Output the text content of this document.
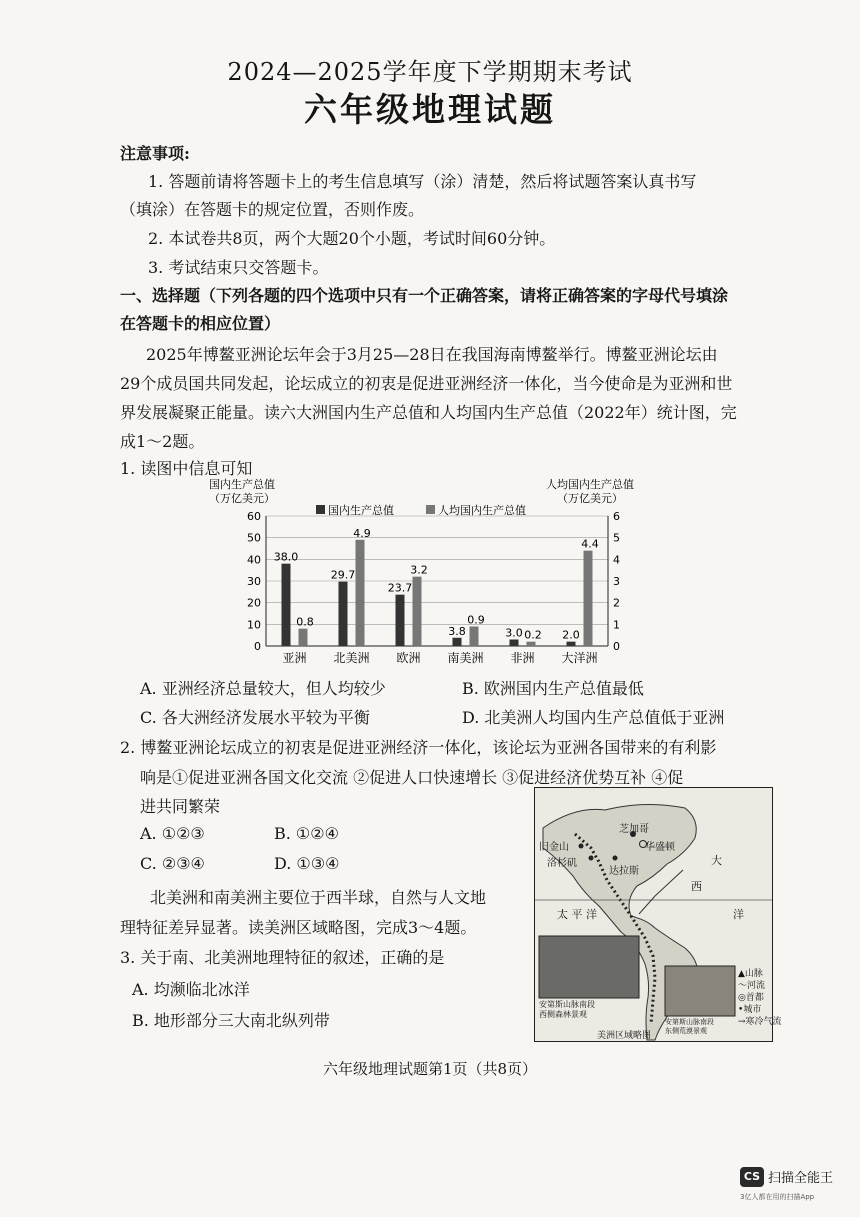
2024—2025学年度下学期期末考试
六年级地理试题
注意事项:
1. 答题前请将答题卡上的考生信息填写（涂）清楚，然后将试题答案认真书写
（填涂）在答题卡的规定位置，否则作废。
2. 本试卷共8页，两个大题20个小题，考试时间60分钟。
3. 考试结束只交答题卡。
一、选择题（下列各题的四个选项中只有一个正确答案，请将正确答案的字母代号填涂
在答题卡的相应位置）
2025年博鳌亚洲论坛年会于3月25—28日在我国海南博鳌举行。博鳌亚洲论坛由
29个成员国共同发起，论坛成立的初衷是促进亚洲经济一体化，当今使命是为亚洲和世
界发展凝聚正能量。读六大洲国内生产总值和人均国内生产总值（2022年）统计图，完
成1～2题。
1. 读图中信息可知
国内生产总值
（万亿美元）
人均国内生产总值
（万亿美元）
国内生产总值	人均国内生产总值
0
10
20
30
40
50
60
0
1
2
3
4
5
6
38.0
0.8
亚洲
29.7
4.9
北美洲
23.7
3.2
欧洲
3.8
0.9
南美洲
3.0 0.2
非洲
2.0
4.4
大洋洲
A. 亚洲经济总量较大，但人均较少	B. 欧洲国内生产总值最低
C. 各大洲经济发展水平较为平衡	D. 北美洲人均国内生产总值低于亚洲
2. 博鳌亚洲论坛成立的初衷是促进亚洲经济一体化，该论坛为亚洲各国带来的有利影
响是①促进亚洲各国文化交流 ②促进人口快速增长 ③促进经济优势互补 ④促
进共同繁荣
A. ①②③	B. ①②④
C. ②③④	D. ①③④
北美洲和南美洲主要位于西半球，自然与人文地
理特征差异显著。读美洲区域略图，完成3～4题。
3. 关于南、北美洲地理特征的叙述，正确的是
A. 均濒临北冰洋
B. 地形部分三大南北纵列带
芝加哥
华盛顿
旧金山
洛杉矶
达拉斯
大
西
洋
太 平 洋
安第斯山脉南段
西侧森林景观
安第斯山脉南段
东侧荒漠景观
▲山脉
～河流
◎首都
•城市
→寒冷气流
美洲区域略图
六年级地理试题第1页（共8页）
CS 扫描全能王
3亿人都在用的扫描App
